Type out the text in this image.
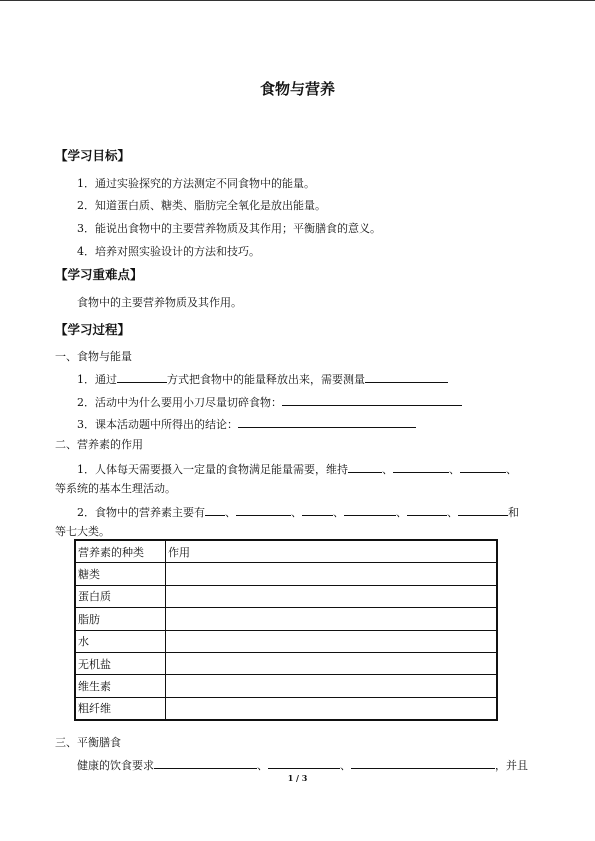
食物与营养
【学习目标】
1．通过实验探究的方法测定不同食物中的能量。
2．知道蛋白质、糖类、脂肪完全氧化是放出能量。
3．能说出食物中的主要营养物质及其作用；平衡膳食的意义。
4．培养对照实验设计的方法和技巧。
【学习重难点】
食物中的主要营养物质及其作用。
【学习过程】
一、食物与能量
1．通过	方式把食物中的能量释放出来，需要测量
2．活动中为什么要用小刀尽量切碎食物：
3．课本活动题中所得出的结论：
二、营养素的作用
1．人体每天需要摄入一定量的食物满足能量需要，维持	、	、	、
等系统的基本生理活动。
2．食物中的营养素主要有 、	、	、	、	、	和
等七大类。
营养素的种类	作用
糖类	
蛋白质	
脂肪	
水	
无机盐	
维生素	
粗纤维	
三、平衡膳食
健康的饮食要求	、	、	，并且
1 / 3
